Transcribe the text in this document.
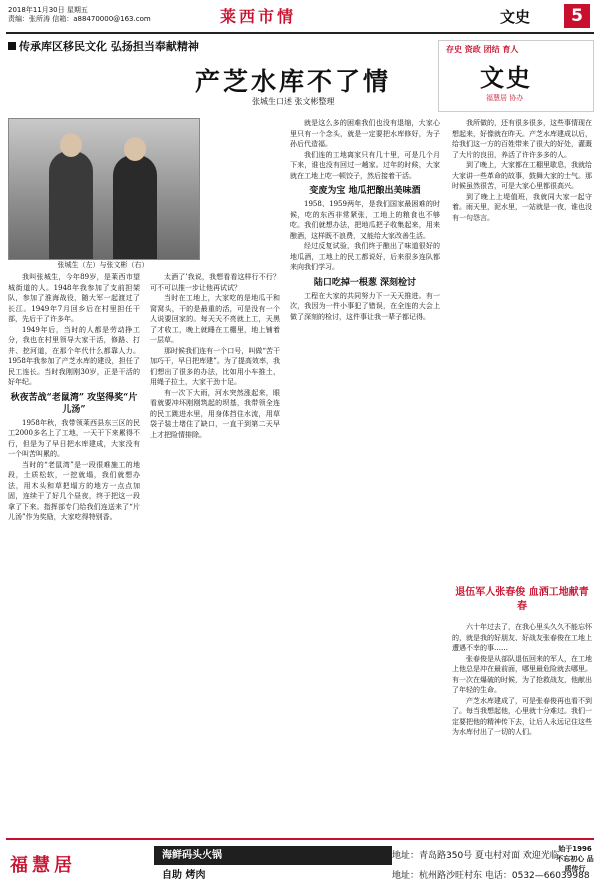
2018年11月30日 星期五
责编：张所涛 信箱：a88470000@163.com	莱西市情	文史	5
传承库区移民文化 弘扬担当奉献精神
产芝水库不了情
张城生口述 张文彬整理
存史 资政 团结 育人
文史
福慧居 协办
张城生（左）与张文彬（右）

我叫张城生，今年89岁，是莱西市望城街道的人。1948年我参加了支前担架队，参加了淮海战役，随大军一起渡过了长江。1949年7月回乡后在村里担任干部，先后干了许多年。

1949年后，当时的人都是劳动挣工分，我也在村里领导大家干活，修路、打井、挖河道，在那个年代什么都靠人力。1958年我参加了产芝水库的建设，担任了民工连长。当时我刚刚30岁，正是干活的好年纪。

秋夜苦战“老鼠湾” 攻坚得奖“片儿汤”

1958年秋，我带领莱西县东三区的民工2000多名上了工地，一天干下来累得不行，但是为了早日把水库建成，大家没有一个叫苦叫累的。

当时的“老鼠湾”是一段很难施工的地段，土质松软，一挖就塌，我们就想办法，用木头和草把塌方的地方一点点加固，连续干了好几个昼夜，终于把这一段拿了下来。指挥部专门给我们连送来了“片儿汤”作为奖励，大家吃得特别香。

太酒了’我说，我想看看这样行不行？可不可以推一步让他再试试？

当时在工地上，大家吃的是地瓜干和窝窝头，干的是最重的活，可是没有一个人说要回家的。每天天不亮就上工，天黑了才收工，晚上就睡在工棚里，地上铺着一层草。

那时候我们连有一个口号，叫做“苦干加巧干，早日把库建”。为了提高效率，我们想出了很多的办法，比如用小车推土，用绳子拉土，大家干劲十足。

有一次下大雨，河水突然涨起来，眼看就要冲坏刚刚筑起的坝基，我带领全连的民工跳进水里，用身体挡住水流，用草袋子装土堵住了缺口，一直干到第二天早上才把险情排除。

就是这么多的困难我们也没有退缩，大家心里只有一个念头，就是一定要把水库修好，为子孙后代造福。

我们连的工地离家只有几十里，可是几个月下来，谁也没有回过一趟家。过年的时候，大家就在工地上吃一顿饺子，然后接着干活。

变废为宝 地瓜把酿出美味酒

1958、1959两年，是我们国家最困难的时候，吃的东西非常紧张，工地上的粮食也不够吃。我们就想办法，把地瓜把子收集起来，用来酿酒，这样既不浪费，又能给大家改善生活。

经过反复试验，我们终于酿出了味道很好的地瓜酒，工地上的民工都说好，后来很多连队都来向我们学习。

陆口吃掉一根葱 深刻检讨

工程在大家的共同努力下一天天推进。有一次，我因为一件小事犯了错误，在全连的大会上做了深刻的检讨，这件事让我一辈子都记得。

我所做的，还有很多很多，这些事情现在想起来，好像就在昨天。产芝水库建成以后，给我们这一方的百姓带来了很大的好处，灌溉了大片的良田，养活了许许多多的人。

到了晚上，大家都在工棚里歇息，我就给大家讲一些革命的故事，鼓舞大家的士气。那时候虽然很苦，可是大家心里都很高兴。

到了晚上上堤值班，我就同大家一起守着。雨天里，泥水里，一站就是一夜，谁也没有一句怨言。

退伍军人张春俊 血洒工地献青春

六十年过去了，在我心里头久久不能忘怀的，就是我的好朋友、好战友张春俊在工地上遭遇不幸的事……

张春俊是从部队退伍回来的军人，在工地上他总是冲在最前面，哪里最危险就去哪里。有一次在爆破的时候，为了抢救战友，他献出了年轻的生命。

产芝水库建成了，可是张春俊再也看不到了。每当我想起他，心里就十分难过。我们一定要把他的精神传下去，让后人永远记住这些为水库付出了一切的人们。

福慧居	海鲜码头火锅	地址：青岛路350号 夏屯村对面 欢迎光临
自助 烤肉	地址：杭州路沙旺村东 电话：0532—66039988
始于1996 不忘初心 品质传行
